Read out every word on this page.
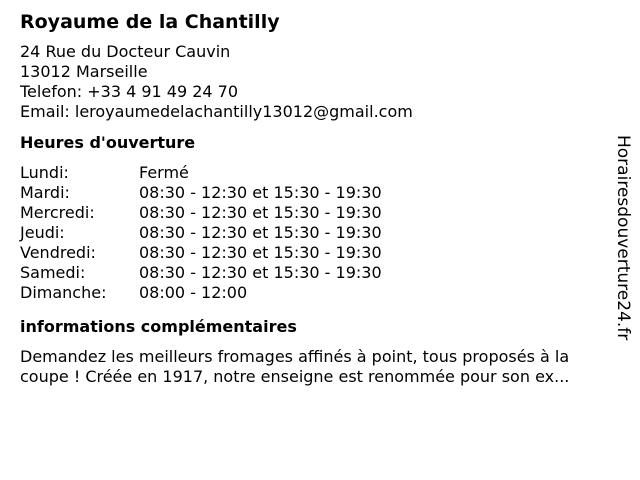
Royaume de la Chantilly
24 Rue du Docteur Cauvin
13012 Marseille
Telefon: +33 4 91 49 24 70
Email: leroyaumedelachantilly13012@gmail.com
Heures d'ouverture
Lundi:	Fermé
Mardi:	08:30 - 12:30 et 15:30 - 19:30
Mercredi:	08:30 - 12:30 et 15:30 - 19:30
Jeudi:	08:30 - 12:30 et 15:30 - 19:30
Vendredi:	08:30 - 12:30 et 15:30 - 19:30
Samedi:	08:30 - 12:30 et 15:30 - 19:30
Dimanche:	08:00 - 12:00
informations complémentaires
Demandez les meilleurs fromages affinés à point, tous proposés à la coupe ! Créée en 1917, notre enseigne est renommée pour son ex...
Horairesdouverture24.fr
